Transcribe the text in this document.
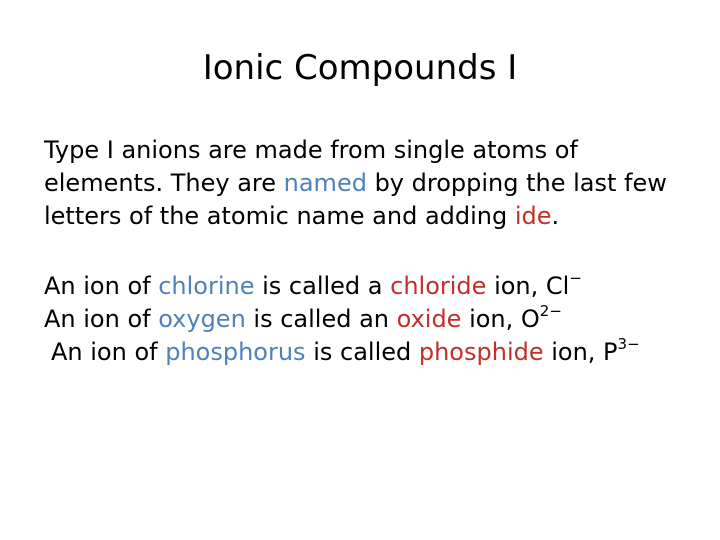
Ionic Compounds I

Type I anions are made from single atoms of elements. They are named by dropping the last few letters of the atomic name and adding ide.

An ion of chlorine is called a chloride ion, Cl−

An ion of oxygen is called an oxide ion, $O^{2-}$

An ion of phosphorus is called phosphide ion, $P^{3-}$
